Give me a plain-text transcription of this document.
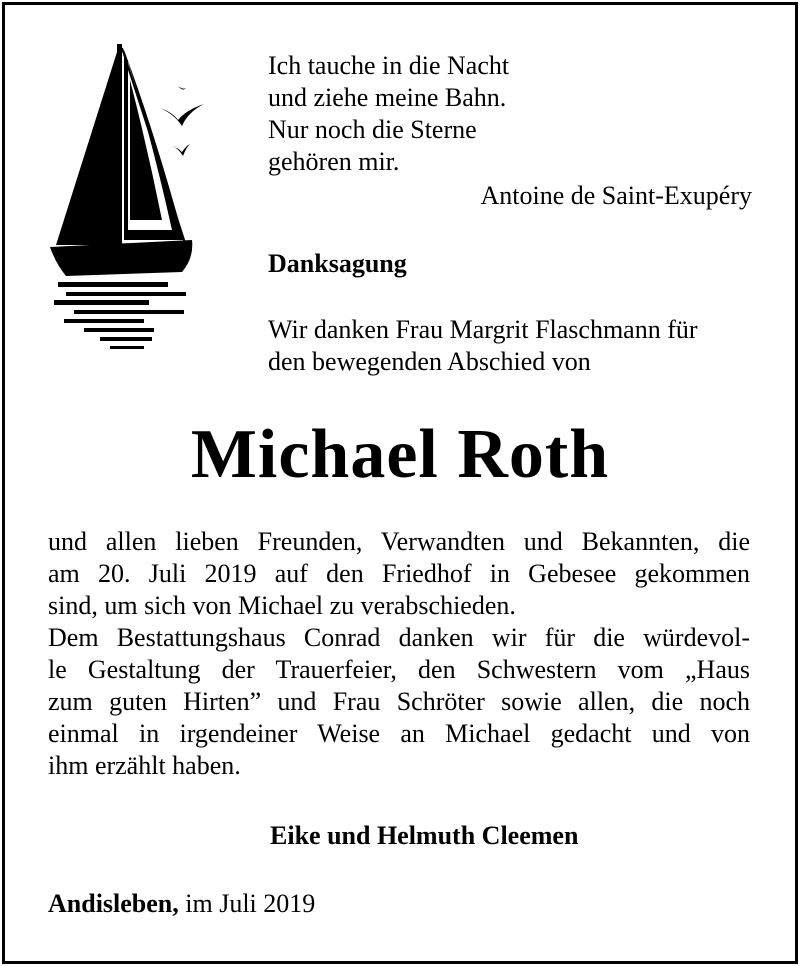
Ich tauche in die Nacht
und ziehe meine Bahn.
Nur noch die Sterne
gehören mir.
Antoine de Saint-Exupéry
Danksagung
Wir danken Frau Margrit Flaschmann für
den bewegenden Abschied von
Michael Roth
und allen lieben Freunden, Verwandten und Bekannten, die
am 20. Juli 2019 auf den Friedhof in Gebesee gekommen
sind, um sich von Michael zu verabschieden.
Dem Bestattungshaus Conrad danken wir für die würdevol-
le Gestaltung der Trauerfeier, den Schwestern vom „Haus
zum guten Hirten” und Frau Schröter sowie allen, die noch
einmal in irgendeiner Weise an Michael gedacht und von
ihm erzählt haben.
Eike und Helmuth Cleemen
Andisleben, im Juli 2019
